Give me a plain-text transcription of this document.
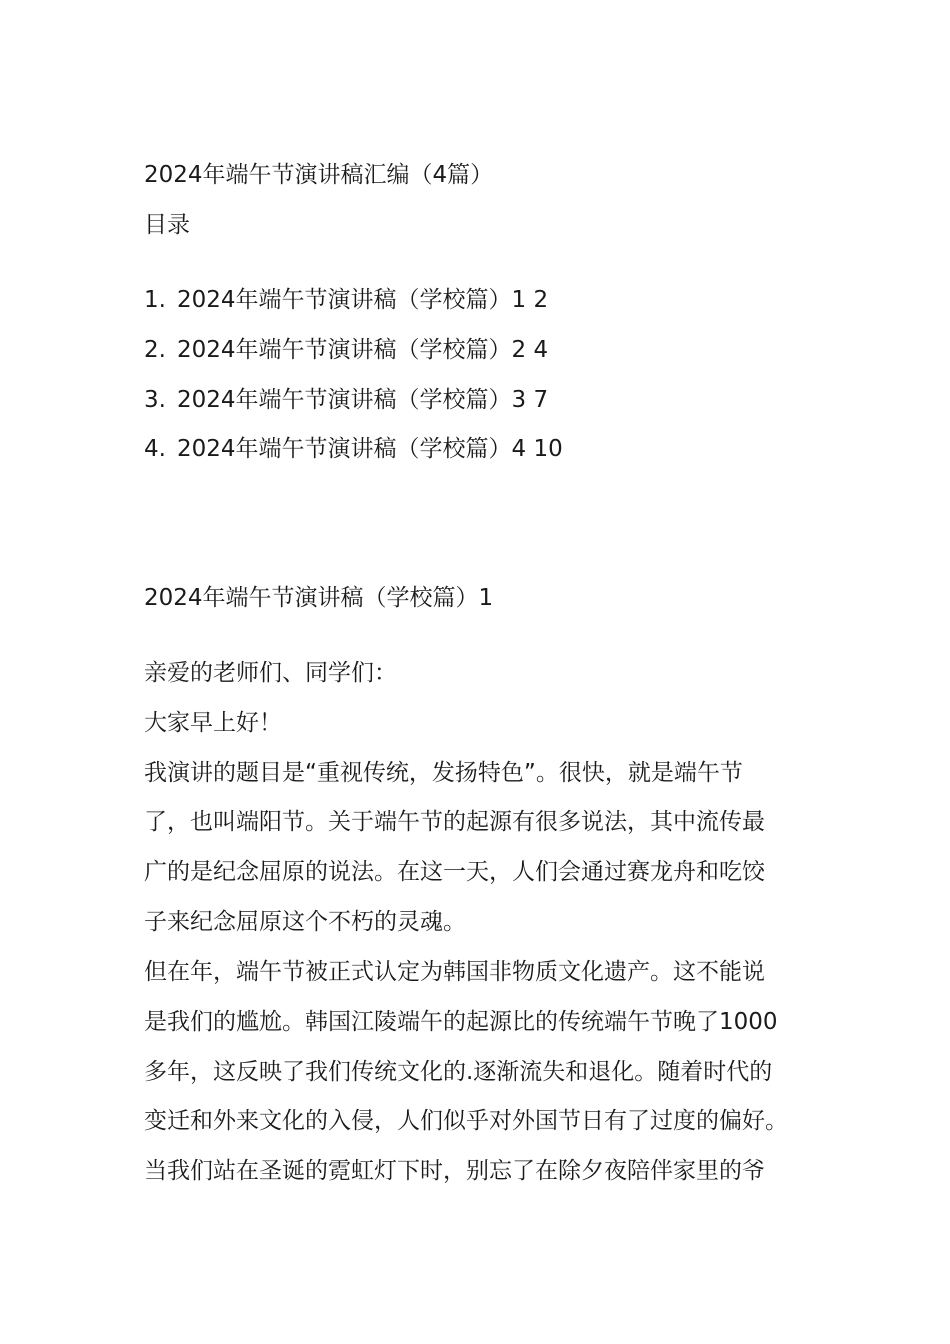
2024年端午节演讲稿汇编（4篇）
目录
1. 2024年端午节演讲稿（学校篇）1 2
2. 2024年端午节演讲稿（学校篇）2 4
3. 2024年端午节演讲稿（学校篇）3 7
4. 2024年端午节演讲稿（学校篇）4 10
2024年端午节演讲稿（学校篇）1
亲爱的老师们、同学们：
大家早上好！
我演讲的题目是“重视传统，发扬特色”。很快，就是端午节
了，也叫端阳节。关于端午节的起源有很多说法，其中流传最
广的是纪念屈原的说法。在这一天，人们会通过赛龙舟和吃饺
子来纪念屈原这个不朽的灵魂。
但在年，端午节被正式认定为韩国非物质文化遗产。这不能说
是我们的尴尬。韩国江陵端午的起源比的传统端午节晚了1000
多年，这反映了我们传统文化的.逐渐流失和退化。随着时代的
变迁和外来文化的入侵，人们似乎对外国节日有了过度的偏好。
当我们站在圣诞的霓虹灯下时，别忘了在除夕夜陪伴家里的爷
